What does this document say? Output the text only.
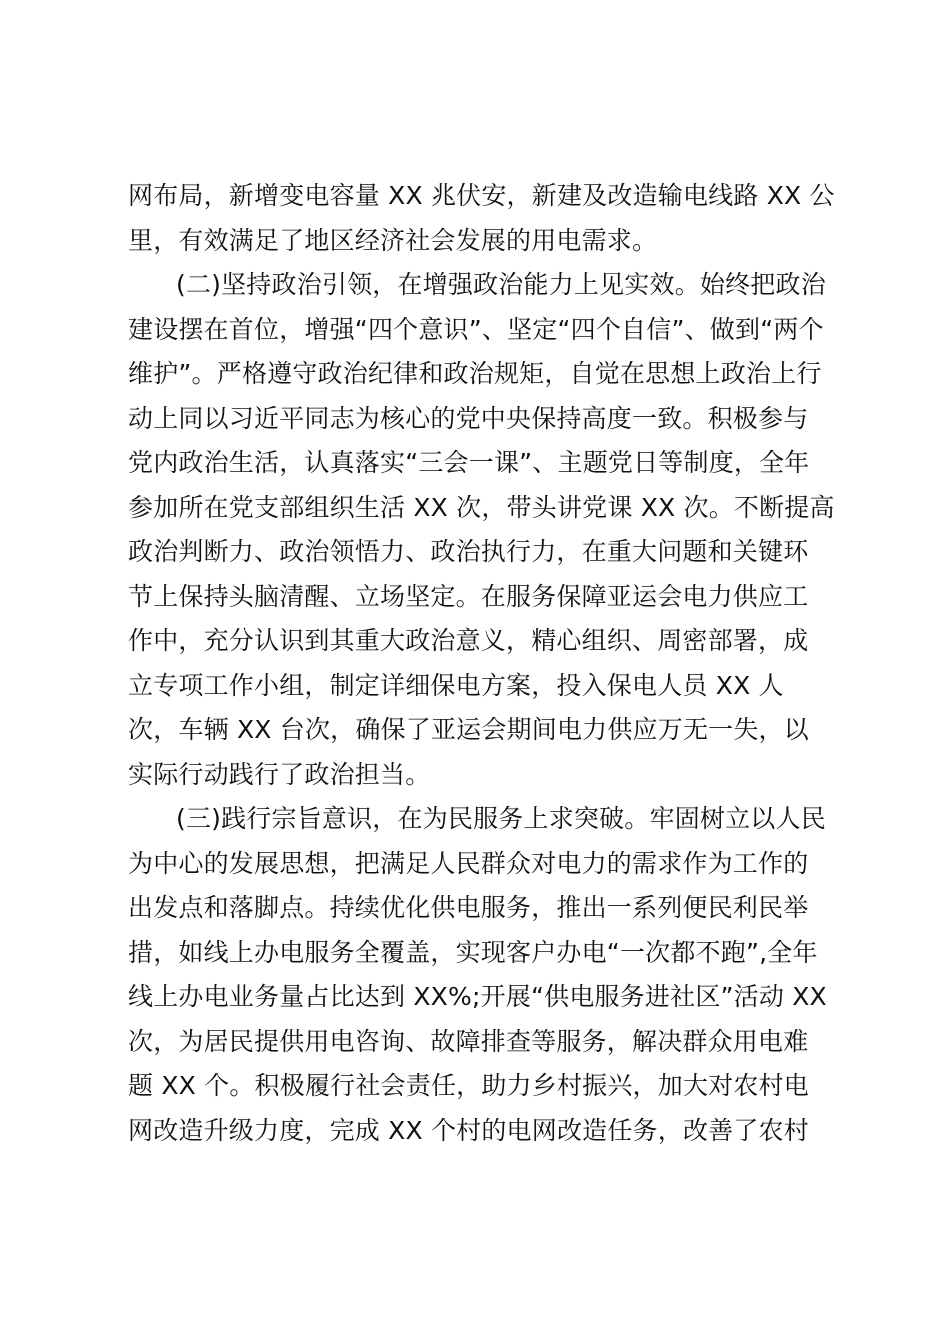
网布局，新增变电容量 XX 兆伏安，新建及改造输电线路 XX 公
里，有效满足了地区经济社会发展的用电需求。
(二)坚持政治引领，在增强政治能力上见实效。始终把政治
建设摆在首位，增强“四个意识”、坚定“四个自信”、做到“两个
维护”。严格遵守政治纪律和政治规矩，自觉在思想上政治上行
动上同以习近平同志为核心的党中央保持高度一致。积极参与
党内政治生活，认真落实“三会一课”、主题党日等制度，全年
参加所在党支部组织生活 XX 次，带头讲党课 XX 次。不断提高
政治判断力、政治领悟力、政治执行力，在重大问题和关键环
节上保持头脑清醒、立场坚定。在服务保障亚运会电力供应工
作中，充分认识到其重大政治意义，精心组织、周密部署，成
立专项工作小组，制定详细保电方案，投入保电人员 XX 人
次，车辆 XX 台次，确保了亚运会期间电力供应万无一失，以
实际行动践行了政治担当。
(三)践行宗旨意识，在为民服务上求突破。牢固树立以人民
为中心的发展思想，把满足人民群众对电力的需求作为工作的
出发点和落脚点。持续优化供电服务，推出一系列便民利民举
措，如线上办电服务全覆盖，实现客户办电“一次都不跑”,全年
线上办电业务量占比达到 XX%;开展“供电服务进社区”活动 XX
次，为居民提供用电咨询、故障排查等服务，解决群众用电难
题 XX 个。积极履行社会责任，助力乡村振兴，加大对农村电
网改造升级力度，完成 XX 个村的电网改造任务，改善了农村
